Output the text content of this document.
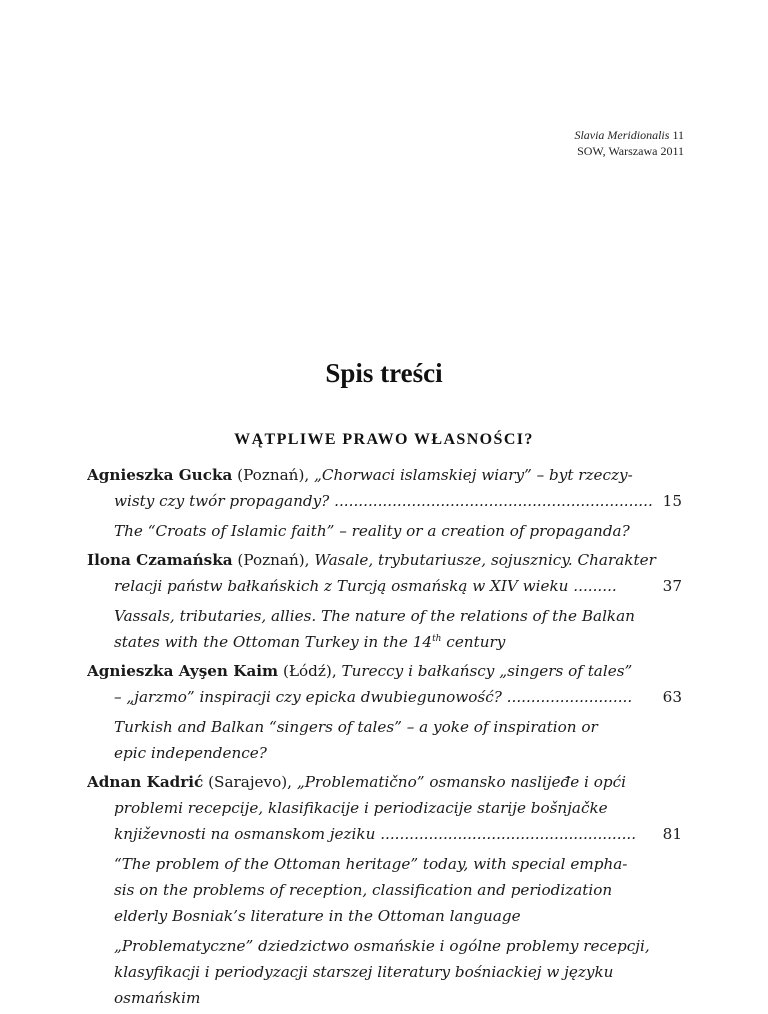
Slavia Meridionalis 11
SOW, Warszawa 2011
Spis treści
WĄTPLIWE PRAWO WŁASNOŚCI?
Agnieszka Gucka (Poznań), „Chorwaci islamskiej wiary” – byt rzeczy-
wisty czy twór propagandy? .................................................................. 15
The “Croats of Islamic faith” – reality or a creation of propaganda?
Ilona Czamańska (Poznań), Wasale, trybutariusze, sojusznicy. Charakter
relacji państw bałkańskich z Turcją osmańską w XIV wieku .........	37
Vassals, tributaries, allies. The nature of the relations of the Balkan
states with the Ottoman Turkey in the 14th century
Agnieszka Ayşen Kaim (Łódź), Tureccy i bałkańscy „singers of tales”
– „jarzmo” inspiracji czy epicka dwubiegunowość? ..........................	63
Turkish and Balkan “singers of tales” – a yoke of inspiration or
epic independence?
Adnan Kadrić (Sarajevo), „Problematično” osmansko naslijeđe i opći
problemi recepcije, klasifikacije i periodizacije starije bošnjačke
književnosti na osmanskom jeziku .....................................................	81
“The problem of the Ottoman heritage” today, with special empha-
sis on the problems of reception, classification and periodization
elderly Bosniak’s literature in the Ottoman language
„Problematyczne” dziedzictwo osmańskie i ogólne problemy recepcji,
klasyfikacji i periodyzacji starszej literatury bośniackiej w języku
osmańskim
